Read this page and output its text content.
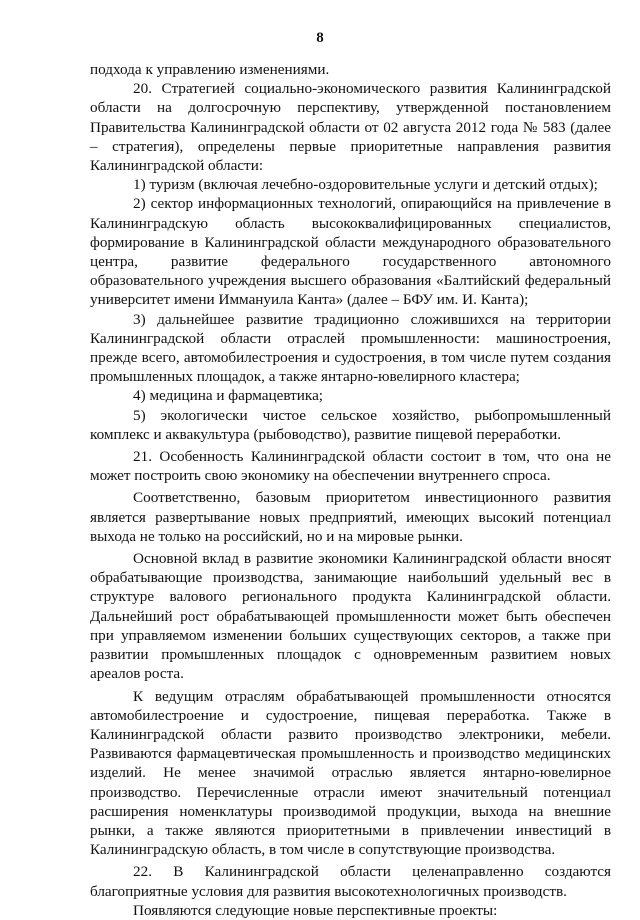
8

подхода к управлению изменениями.

20. Стратегией социально-экономического развития Калининградской области на долгосрочную перспективу, утвержденной постановлением Правительства Калининградской области от 02 августа 2012 года № 583 (далее – стратегия), определены первые приоритетные направления развития Калининградской области:

1) туризм (включая лечебно-оздоровительные услуги и детский отдых);

2) сектор информационных технологий, опирающийся на привлечение в Калининградскую область высококвалифицированных специалистов, формирование в Калининградской области международного образовательного центра, развитие федерального государственного автономного образовательного учреждения высшего образования «Балтийский федеральный университет имени Иммануила Канта» (далее – БФУ им. И. Канта);

3) дальнейшее развитие традиционно сложившихся на территории Калининградской области отраслей промышленности: машиностроения, прежде всего, автомобилестроения и судостроения, в том числе путем создания промышленных площадок, а также янтарно-ювелирного кластера;

4) медицина и фармацевтика;

5) экологически чистое сельское хозяйство, рыбопромышленный комплекс и аквакультура (рыбоводство), развитие пищевой переработки.

21. Особенность Калининградской области состоит в том, что она не может построить свою экономику на обеспечении внутреннего спроса.

Соответственно, базовым приоритетом инвестиционного развития является развертывание новых предприятий, имеющих высокий потенциал выхода не только на российский, но и на мировые рынки.

Основной вклад в развитие экономики Калининградской области вносят обрабатывающие производства, занимающие наибольший удельный вес в структуре валового регионального продукта Калининградской области. Дальнейший рост обрабатывающей промышленности может быть обеспечен при управляемом изменении больших существующих секторов, а также при развитии промышленных площадок с одновременным развитием новых ареалов роста.

К ведущим отраслям обрабатывающей промышленности относятся автомобилестроение и судостроение, пищевая переработка. Также в Калининградской области развито производство электроники, мебели. Развиваются фармацевтическая промышленность и производство медицинских изделий. Не менее значимой отраслью является янтарно-ювелирное производство. Перечисленные отрасли имеют значительный потенциал расширения номенклатуры производимой продукции, выхода на внешние рынки, а также являются приоритетными в привлечении инвестиций в Калининградскую область, в том числе в сопутствующие производства.

22. В Калининградской области целенаправленно создаются благоприятные условия для развития высокотехнологичных производств.

Появляются следующие новые перспективные проекты:
